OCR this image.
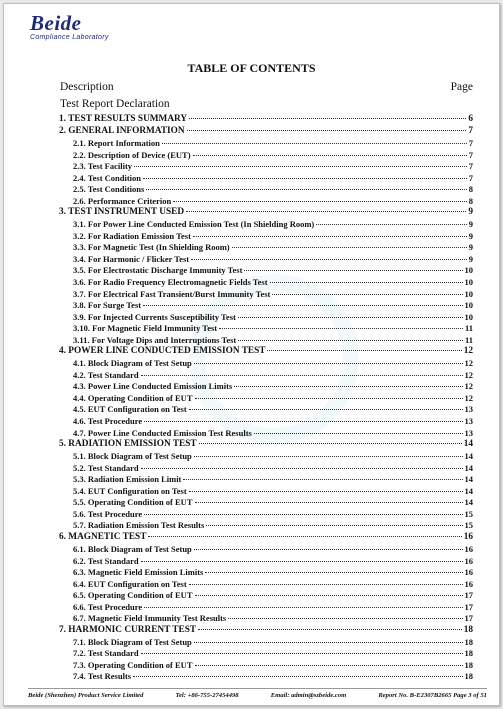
Beide
Compliance Laboratory
TABLE OF CONTENTS
Description	Page
Test Report Declaration
1. TEST RESULTS SUMMARY	6
2. GENERAL INFORMATION	7
2.1. Report Information	7
2.2. Description of Device (EUT)	7
2.3. Test Facility	7
2.4. Test Condition	7
2.5. Test Conditions	8
2.6. Performance Criterion	8
3. TEST INSTRUMENT USED	9
3.1. For Power Line Conducted Emission Test (In Shielding Room)	9
3.2. For Radiation Emission Test	9
3.3. For Magnetic Test (In Shielding Room)	9
3.4. For Harmonic / Flicker Test	9
3.5. For Electrostatic Discharge Immunity Test	10
3.6. For Radio Frequency Electromagnetic Fields Test	10
3.7. For Electrical Fast Transient/Burst Immunity Test	10
3.8. For Surge Test	10
3.9. For Injected Currents Susceptibility Test	10
3.10. For Magnetic Field Immunity Test	11
3.11. For Voltage Dips and Interruptions Test	11
4. POWER LINE CONDUCTED EMISSION TEST	12
4.1. Block Diagram of Test Setup	12
4.2. Test Standard	12
4.3. Power Line Conducted Emission Limits	12
4.4. Operating Condition of EUT	12
4.5. EUT Configuration on Test	13
4.6. Test Procedure	13
4.7. Power Line Conducted Emission Test Results	13
5. RADIATION EMISSION TEST	14
5.1. Block Diagram of Test Setup	14
5.2. Test Standard	14
5.3. Radiation Emission Limit	14
5.4. EUT Configuration on Test	14
5.5. Operating Condition of EUT	14
5.6. Test Procedure	15
5.7. Radiation Emission Test Results	15
6. MAGNETIC TEST	16
6.1. Block Diagram of Test Setup	16
6.2. Test Standard	16
6.3. Magnetic Field Emission Limits	16
6.4. EUT Configuration on Test	16
6.5. Operating Condition of EUT	17
6.6. Test Procedure	17
6.7. Magnetic Field Immunity Test Results	17
7. HARMONIC CURRENT TEST	18
7.1. Block Diagram of Test Setup	18
7.2. Test Standard	18
7.3. Operating Condition of EUT	18
7.4. Test Results	18
Beide (Shenzhen) Product Service Limited	Tel: +86-755-27454498	Email: admin@szbeide.com	Report No. B-E2307B2665 Page 3 of 51
